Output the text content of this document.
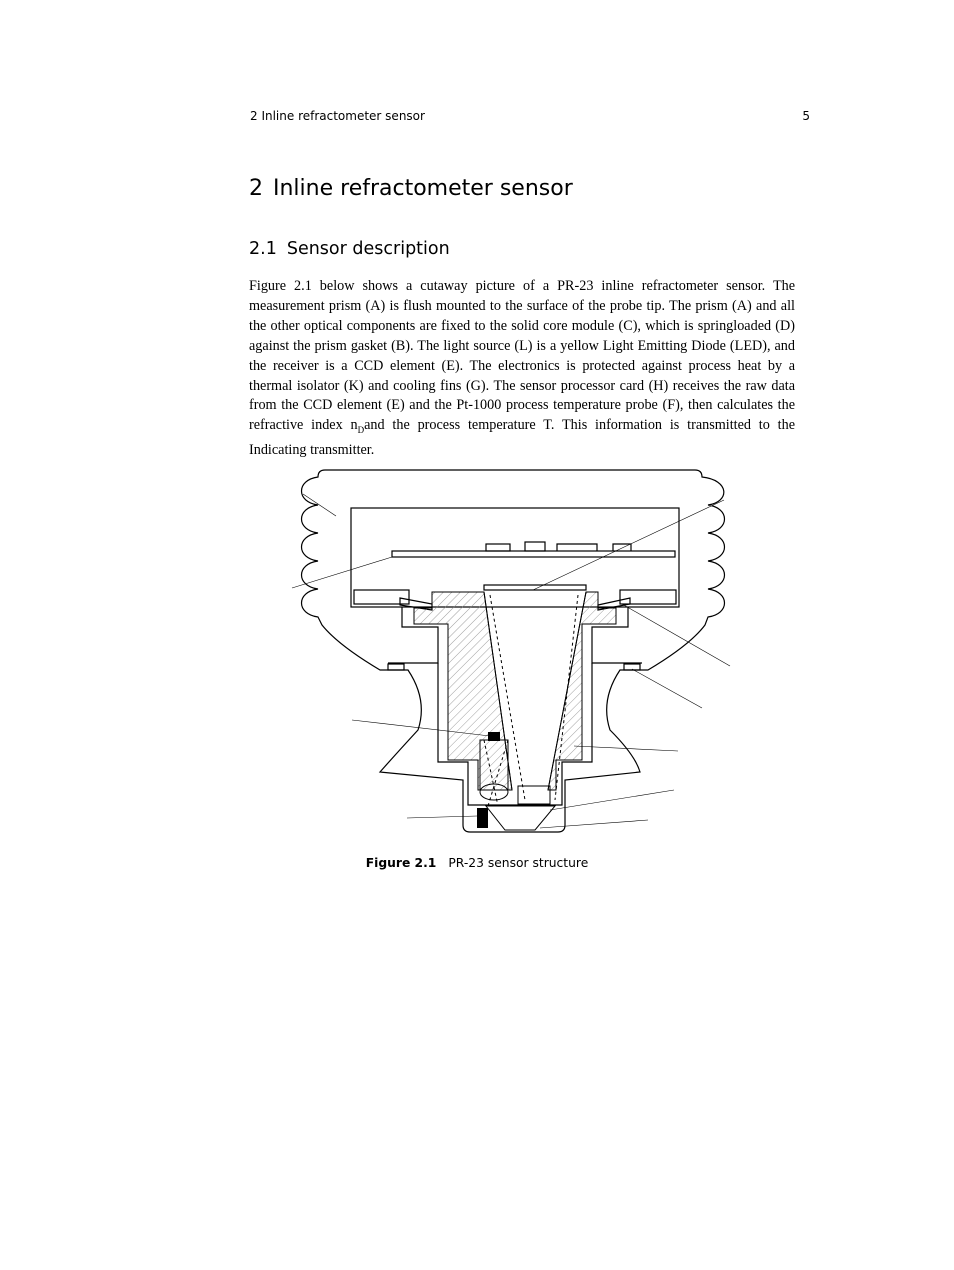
2 Inline refractometer sensor	5
2 Inline refractometer sensor
2.1 Sensor description

Figure 2.1 below shows a cutaway picture of a PR-23 inline refractometer sensor. The measurement prism (A) is flush mounted to the surface of the probe tip. The prism (A) and all the other optical components are fixed to the solid core module (C), which is springloaded (D) against the prism gasket (B). The light source (L) is a yellow Light Emitting Diode (LED), and the receiver is a CCD element (E). The electronics is protected against process heat by a thermal isolator (K) and cooling fins (G). The sensor processor card (H) receives the raw data from the CCD element (E) and the Pt-1000 process temperature probe (F), then calculates the refractive index $n_Dand$ the process temperature T. This information is transmitted to the Indicating transmitter.

Figure 2.1 PR-23 sensor structure
